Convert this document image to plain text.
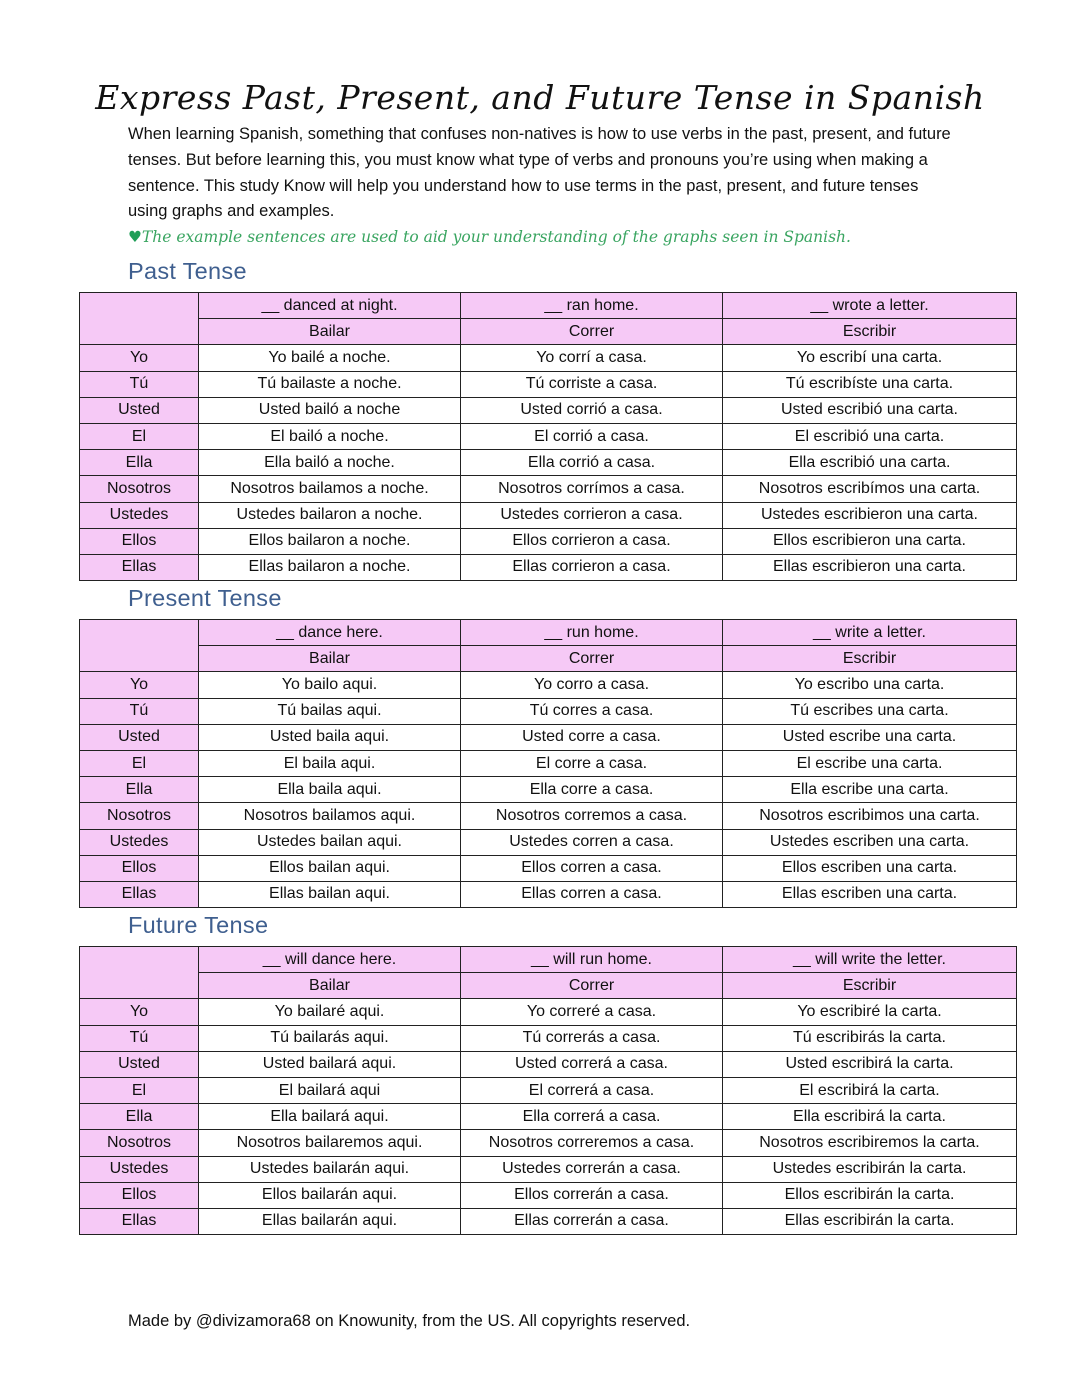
Express Past, Present, and Future Tense in Spanish
When learning Spanish, something that confuses non-natives is how to use verbs in the past, present, and future tenses. But before learning this, you must know what type of verbs and pronouns you’re using when making a sentence. This study Know will help you understand how to use terms in the past, present, and future tenses using graphs and examples.
♥The example sentences are used to aid your understanding of the graphs seen in Spanish.
Past Tense
	__ danced at night.	__ ran home.	__ wrote a letter.
	Bailar	Correr	Escribir
Yo	Yo bailé a noche.	Yo corrí a casa.	Yo escribí una carta.
Tú	Tú bailaste a noche.	Tú corriste a casa.	Tú escribíste una carta.
Usted	Usted bailó a noche	Usted corrió a casa.	Usted escribió una carta.
El	El bailó a noche.	El corrió a casa.	El escribió una carta.
Ella	Ella bailó a noche.	Ella corrió a casa.	Ella escribió una carta.
Nosotros	Nosotros bailamos a noche.	Nosotros corrímos a casa.	Nosotros escribímos una carta.
Ustedes	Ustedes bailaron a noche.	Ustedes corrieron a casa.	Ustedes escribieron una carta.
Ellos	Ellos bailaron a noche.	Ellos corrieron a casa.	Ellos escribieron una carta.
Ellas	Ellas bailaron a noche.	Ellas corrieron a casa.	Ellas escribieron una carta.
Present Tense
	__ dance here.	__ run home.	__ write a letter.
	Bailar	Correr	Escribir
Yo	Yo bailo aqui.	Yo corro a casa.	Yo escribo una carta.
Tú	Tú bailas aqui.	Tú corres a casa.	Tú escribes una carta.
Usted	Usted baila aqui.	Usted corre a casa.	Usted escribe una carta.
El	El baila aqui.	El corre a casa.	El escribe una carta.
Ella	Ella baila aqui.	Ella corre a casa.	Ella escribe una carta.
Nosotros	Nosotros bailamos aqui.	Nosotros corremos a casa.	Nosotros escribimos una carta.
Ustedes	Ustedes bailan aqui.	Ustedes corren a casa.	Ustedes escriben una carta.
Ellos	Ellos bailan aqui.	Ellos corren a casa.	Ellos escriben una carta.
Ellas	Ellas bailan aqui.	Ellas corren a casa.	Ellas escriben una carta.
Future Tense
	__ will dance here.	__ will run home.	__ will write the letter.
	Bailar	Correr	Escribir
Yo	Yo bailaré aqui.	Yo correré a casa.	Yo escribiré la carta.
Tú	Tú bailarás aqui.	Tú correrás a casa.	Tú escribirás la carta.
Usted	Usted bailará aqui.	Usted correrá a casa.	Usted escribirá la carta.
El	El bailará aqui	El correrá a casa.	El escribirá la carta.
Ella	Ella bailará aqui.	Ella correrá a casa.	Ella escribirá la carta.
Nosotros	Nosotros bailaremos aqui.	Nosotros correremos a casa.	Nosotros escribiremos la carta.
Ustedes	Ustedes bailarán aqui.	Ustedes correrán a casa.	Ustedes escribirán la carta.
Ellos	Ellos bailarán aqui.	Ellos correrán a casa.	Ellos escribirán la carta.
Ellas	Ellas bailarán aqui.	Ellas correrán a casa.	Ellas escribirán la carta.
Made by @divizamora68 on Knowunity, from the US. All copyrights reserved.
